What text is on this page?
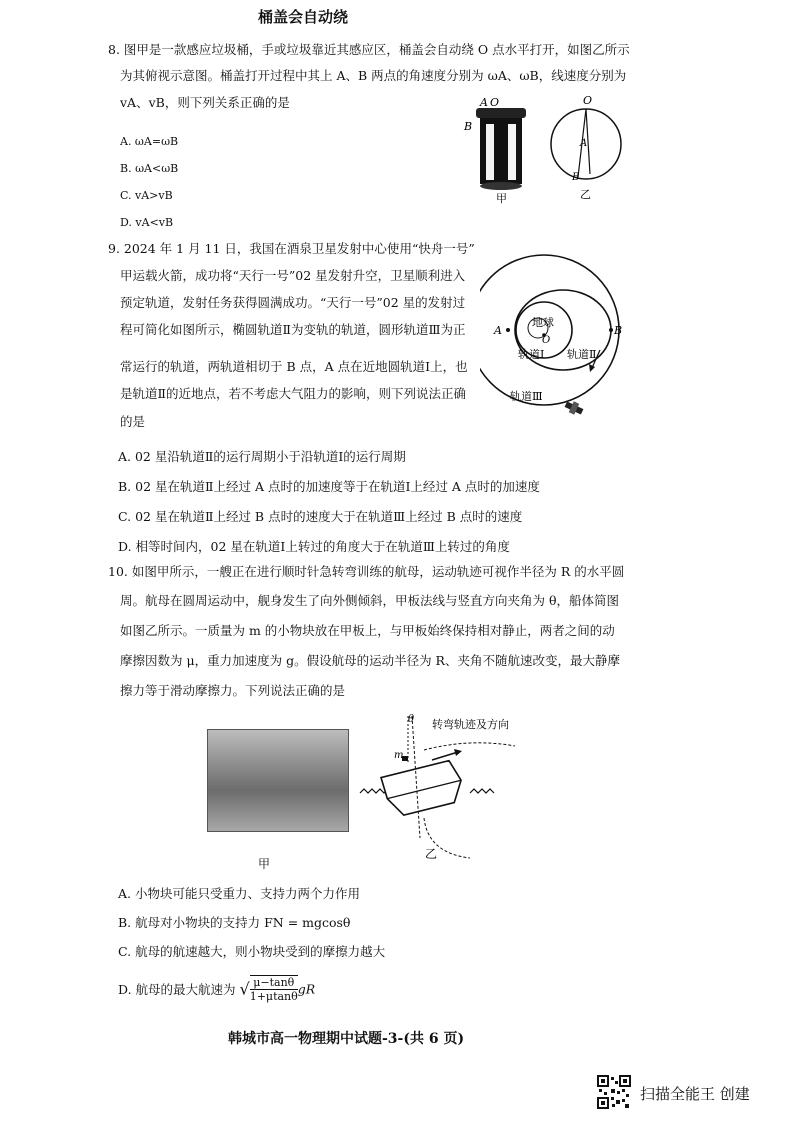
桶盖会自动绕
8. 图甲是一款感应垃圾桶，手或垃圾靠近其感应区，桶盖会自动绕 O 点水平打开，如图乙所示
为其俯视示意图。桶盖打开过程中其上 A、B 两点的角速度分别为 ωA、ωB，线速度分别为
vA、vB，则下列关系正确的是
A. ωA=ωB
B. ωA<ωB
C. vA>vB
D. vA<vB
A O
B
甲
O
A
B
乙
9. 2024 年 1 月 11 日，我国在酒泉卫星发射中心使用“快舟一号”
甲运载火箭，成功将“天行一号”02 星发射升空，卫星顺利进入
预定轨道，发射任务获得圆满成功。“天行一号”02 星的发射过
程可简化如图所示，椭圆轨道Ⅱ为变轨的轨道，圆形轨道Ⅲ为正
常运行的轨道，两轨道相切于 B 点，A 点在近地圆轨道Ⅰ上，也
是轨道Ⅱ的近地点，若不考虑大气阻力的影响，则下列说法正确
的是
A. 02 星沿轨道Ⅱ的运行周期小于沿轨道Ⅰ的运行周期
B. 02 星在轨道Ⅱ上经过 A 点时的加速度等于在轨道Ⅰ上经过 A 点时的加速度
C. 02 星在轨道Ⅱ上经过 B 点时的速度大于在轨道Ⅲ上经过 B 点时的速度
D. 相等时间内，02 星在轨道Ⅰ上转过的角度大于在轨道Ⅲ上转过的角度
A	B
地球
O
轨道Ⅰ 轨道Ⅱ
轨道Ⅲ
10. 如图甲所示，一艘正在进行顺时针急转弯训练的航母，运动轨迹可视作半径为 R 的水平圆
周。航母在圆周运动中，舰身发生了向外侧倾斜，甲板法线与竖直方向夹角为 θ，船体简图
如图乙所示。一质量为 m 的小物块放在甲板上，与甲板始终保持相对静止，两者之间的动
摩擦因数为 μ，重力加速度为 g。假设航母的运动半径为 R、夹角不随航速改变，最大静摩
擦力等于滑动摩擦力。下列说法正确的是
甲
θ
m
转弯轨迹及方向
乙
A. 小物块可能只受重力、支持力两个力作用
B. 航母对小物块的支持力 FN = mgcosθ
C. 航母的航速越大，则小物块受到的摩擦力越大
D. 航母的最大航速为 √ $\frac{\mu-\tan\theta}{1+\mu\tan\theta}$ gR
韩城市高一物理期中试题-3-(共 6 页)
扫描全能王 创建
